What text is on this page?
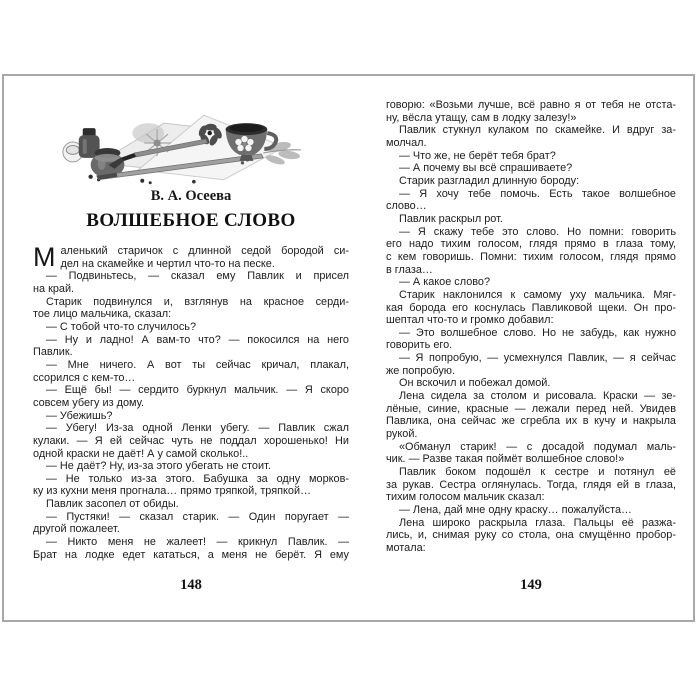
В. А. Осеева
ВОЛШЕБНОЕ СЛОВО
Маленький старичок с длинной седой бородой си-
дел на скамейке и чертил что-то на песке.
— Подвиньтесь, — сказал ему Павлик и присел
на край.
Старик подвинулся и, взглянув на красное серди-
тое лицо мальчика, сказал:
— С тобой что-то случилось?
— Ну и ладно! А вам-то что? — покосился на него
Павлик.
— Мне ничего. А вот ты сейчас кричал, плакал,
ссорился с кем-то…
— Ещё бы! — сердито буркнул мальчик. — Я скоро
совсем убегу из дому.
— Убежишь?
— Убегу! Из-за одной Ленки убегу. — Павлик сжал
кулаки. — Я ей сейчас чуть не поддал хорошенько! Ни
одной краски не даёт! А у самой сколько!..
— Не даёт? Ну, из-за этого убегать не стоит.
— Не только из-за этого. Бабушка за одну морков-
ку из кухни меня прогнала… прямо тряпкой, тряпкой…
Павлик засопел от обиды.
— Пустяки! — сказал старик. — Один поругает —
другой пожалеет.
— Никто меня не жалеет! — крикнул Павлик. —
Брат на лодке едет кататься, а меня не берёт. Я ему
148
говорю: «Возьми лучше, всё равно я от тебя не отста-
ну, вёсла утащу, сам в лодку залезу!»
Павлик стукнул кулаком по скамейке. И вдруг за-
молчал.
— Что же, не берёт тебя брат?
— А почему вы всё спрашиваете?
Старик разгладил длинную бороду:
— Я хочу тебе помочь. Есть такое волшебное
слово…
Павлик раскрыл рот.
— Я скажу тебе это слово. Но помни: говорить
его надо тихим голосом, глядя прямо в глаза тому,
с кем говоришь. Помни: тихим голосом, глядя прямо
в глаза…
— А какое слово?
Старик наклонился к самому уху мальчика. Мяг-
кая борода его коснулась Павликовой щеки. Он про-
шептал что-то и громко добавил:
— Это волшебное слово. Но не забудь, как нужно
говорить его.
— Я попробую, — усмехнулся Павлик, — я сейчас
же попробую.
Он вскочил и побежал домой.
Лена сидела за столом и рисовала. Краски — зе-
лёные, синие, красные — лежали перед ней. Увидев
Павлика, она сейчас же сгребла их в кучу и накрыла
рукой.
«Обманул старик! — с досадой подумал маль-
чик. — Разве такая поймёт волшебное слово!»
Павлик боком подошёл к сестре и потянул её
за рукав. Сестра оглянулась. Тогда, глядя ей в глаза,
тихим голосом мальчик сказал:
— Лена, дай мне одну краску… пожалуйста…
Лена широко раскрыла глаза. Пальцы её разжа-
лись, и, снимая руку со стола, она смущённо пробор-
мотала:
149
